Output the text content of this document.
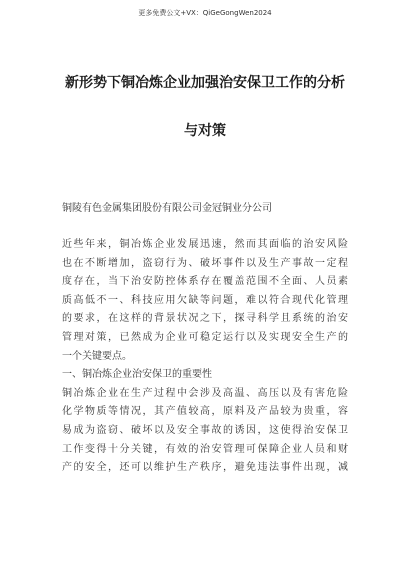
更多免费公文+VX：QiGeGongWen2024
新形势下铜冶炼企业加强治安保卫工作的分析
与对策
铜陵有色金属集团股份有限公司金冠铜业分公司
近些年来，铜冶炼企业发展迅速，然而其面临的治安风险
也在不断增加，盗窃行为、破坏事件以及生产事故一定程
度存在，当下治安防控体系存在覆盖范围不全面、人员素
质高低不一、科技应用欠缺等问题，难以符合现代化管理
的要求，在这样的背景状况之下，探寻科学且系统的治安
管理对策，已然成为企业可稳定运行以及实现安全生产的
一个关键要点。
一、铜冶炼企业治安保卫的重要性
铜冶炼企业在生产过程中会涉及高温、高压以及有害危险
化学物质等情况，其产值较高，原料及产品较为贵重，容
易成为盗窃、破坏以及安全事故的诱因，这使得治安保卫
工作变得十分关键，有效的治安管理可保障企业人员和财
产的安全，还可以维护生产秩序，避免违法事件出现，减
